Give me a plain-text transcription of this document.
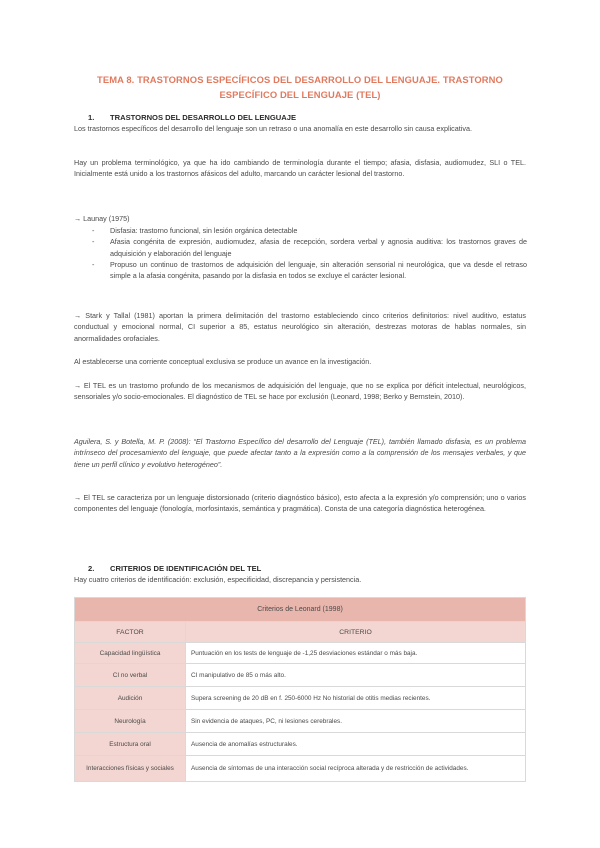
TEMA 8. TRASTORNOS ESPECÍFICOS DEL DESARROLLO DEL LENGUAJE. TRASTORNO
ESPECÍFICO DEL LENGUAJE (TEL)
1. TRASTORNOS DEL DESARROLLO DEL LENGUAJE

Los trastornos específicos del desarrollo del lenguaje son un retraso o una anomalía en este desarrollo sin causa explicativa.

Hay un problema terminológico, ya que ha ido cambiando de terminología durante el tiempo; afasia, disfasia, audiomudez, SLI o TEL. Inicialmente está unido a los trastornos afásicos del adulto, marcando un carácter lesional del trastorno.

→ Launay (1975)

- Disfasia: trastorno funcional, sin lesión orgánica detectable
- Afasia congénita de expresión, audiomudez, afasia de recepción, sordera verbal y agnosia auditiva: los trastornos graves de adquisición y elaboración del lenguaje
- Propuso un continuo de trastornos de adquisición del lenguaje, sin alteración sensorial ni neurológica, que va desde el retraso simple a la afasia congénita, pasando por la disfasia en todos se excluye el carácter lesional.

→ Stark y Tallal (1981) aportan la primera delimitación del trastorno estableciendo cinco criterios definitorios: nivel auditivo, estatus conductual y emocional normal, CI superior a 85, estatus neurológico sin alteración, destrezas motoras de hablas normales, sin anormalidades orofaciales.

Al establecerse una corriente conceptual exclusiva se produce un avance en la investigación.

→ El TEL es un trastorno profundo de los mecanismos de adquisición del lenguaje, que no se explica por déficit intelectual, neurológicos, sensoriales y/o socio-emocionales. El diagnóstico de TEL se hace por exclusión (Leonard, 1998; Berko y Bernstein, 2010).

Aguilera, S. y Botella, M. P. (2008): “El Trastorno Específico del desarrollo del Lenguaje (TEL), también llamado disfasia, es un problema intrínseco del procesamiento del lenguaje, que puede afectar tanto a la expresión como a la comprensión de los mensajes verbales, y que tiene un perfil clínico y evolutivo heterogéneo”.

→ El TEL se caracteriza por un lenguaje distorsionado (criterio diagnóstico básico), esto afecta a la expresión y/o comprensión; uno o varios componentes del lenguaje (fonología, morfosintaxis, semántica y pragmática). Consta de una categoría diagnóstica heterogénea.

2. CRITERIOS DE IDENTIFICACIÓN DEL TEL

Hay cuatro criterios de identificación: exclusión, especificidad, discrepancia y persistencia.

Criterios de Leonard (1998)	
FACTOR	CRITERIO
Capacidad lingüística	Puntuación en los tests de lenguaje de -1,25 desviaciones estándar o más baja.
CI no verbal	CI manipulativo de 85 o más alto.
Audición	Supera screening de 20 dB en f. 250-6000 Hz No historial de otitis medias recientes.
Neurología	Sin evidencia de ataques, PC, ni lesiones cerebrales.
Estructura oral	Ausencia de anomalías estructurales.
Interacciones físicas y sociales	Ausencia de síntomas de una interacción social recíproca alterada y de restricción de actividades.
